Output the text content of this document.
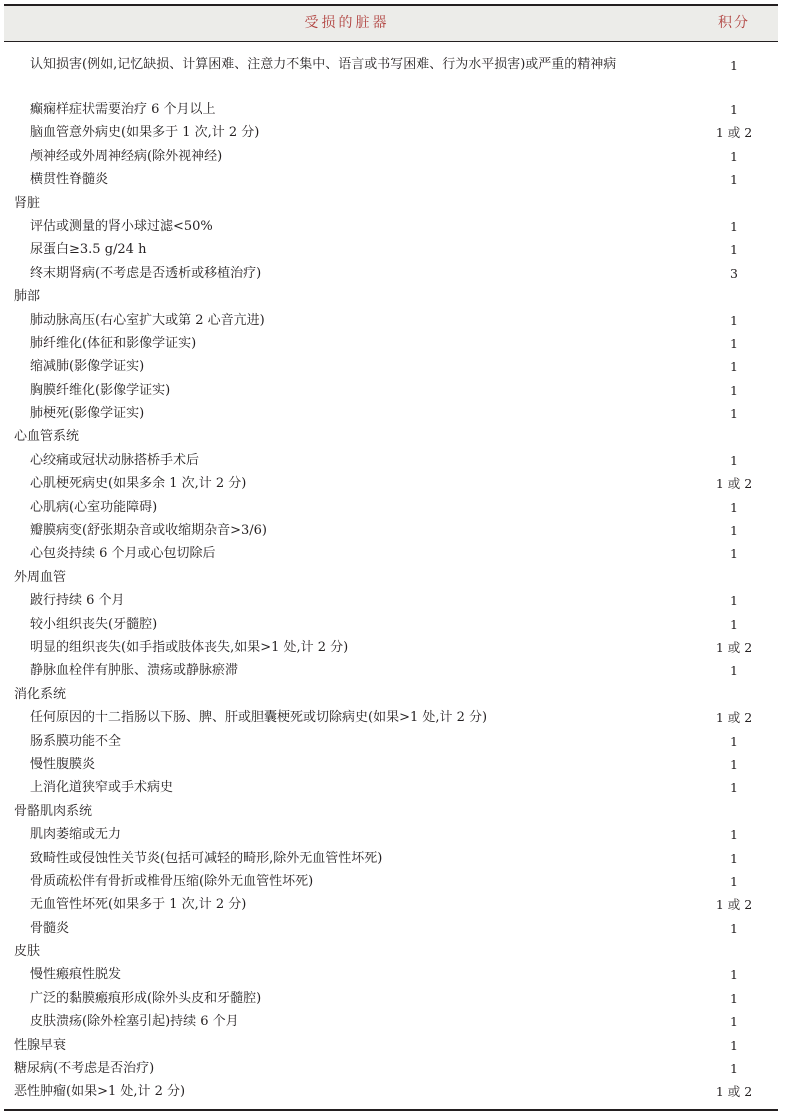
受损的脏器	积分
认知损害(例如,记忆缺损、计算困难、注意力不集中、语言或书写困难、行为水平损害)或严重的精神病	1
癫痫样症状需要治疗 6 个月以上	1
脑血管意外病史(如果多于 1 次,计 2 分)	1 或 2
颅神经或外周神经病(除外视神经)	1
横贯性脊髓炎	1
肾脏
评估或测量的肾小球过滤<50%	1
尿蛋白≥3.5 g/24 h	1
终末期肾病(不考虑是否透析或移植治疗)	3
肺部
肺动脉高压(右心室扩大或第 2 心音亢进)	1
肺纤维化(体征和影像学证实)	1
缩减肺(影像学证实)	1
胸膜纤维化(影像学证实)	1
肺梗死(影像学证实)	1
心血管系统
心绞痛或冠状动脉搭桥手术后	1
心肌梗死病史(如果多余 1 次,计 2 分)	1 或 2
心肌病(心室功能障碍)	1
瓣膜病变(舒张期杂音或收缩期杂音>3/6)	1
心包炎持续 6 个月或心包切除后	1
外周血管
跛行持续 6 个月	1
较小组织丧失(牙髓腔)	1
明显的组织丧失(如手指或肢体丧失,如果>1 处,计 2 分)	1 或 2
静脉血栓伴有肿胀、溃疡或静脉瘀滞	1
消化系统
任何原因的十二指肠以下肠、脾、肝或胆囊梗死或切除病史(如果>1 处,计 2 分)	1 或 2
肠系膜功能不全	1
慢性腹膜炎	1
上消化道狭窄或手术病史	1
骨骼肌肉系统
肌肉萎缩或无力	1
致畸性或侵蚀性关节炎(包括可减轻的畸形,除外无血管性坏死)	1
骨质疏松伴有骨折或椎骨压缩(除外无血管性坏死)	1
无血管性坏死(如果多于 1 次,计 2 分)	1 或 2
骨髓炎	1
皮肤
慢性瘢痕性脱发	1
广泛的黏膜瘢痕形成(除外头皮和牙髓腔)	1
皮肤溃疡(除外栓塞引起)持续 6 个月	1
性腺早衰	1
糖尿病(不考虑是否治疗)	1
恶性肿瘤(如果>1 处,计 2 分)	1 或 2
